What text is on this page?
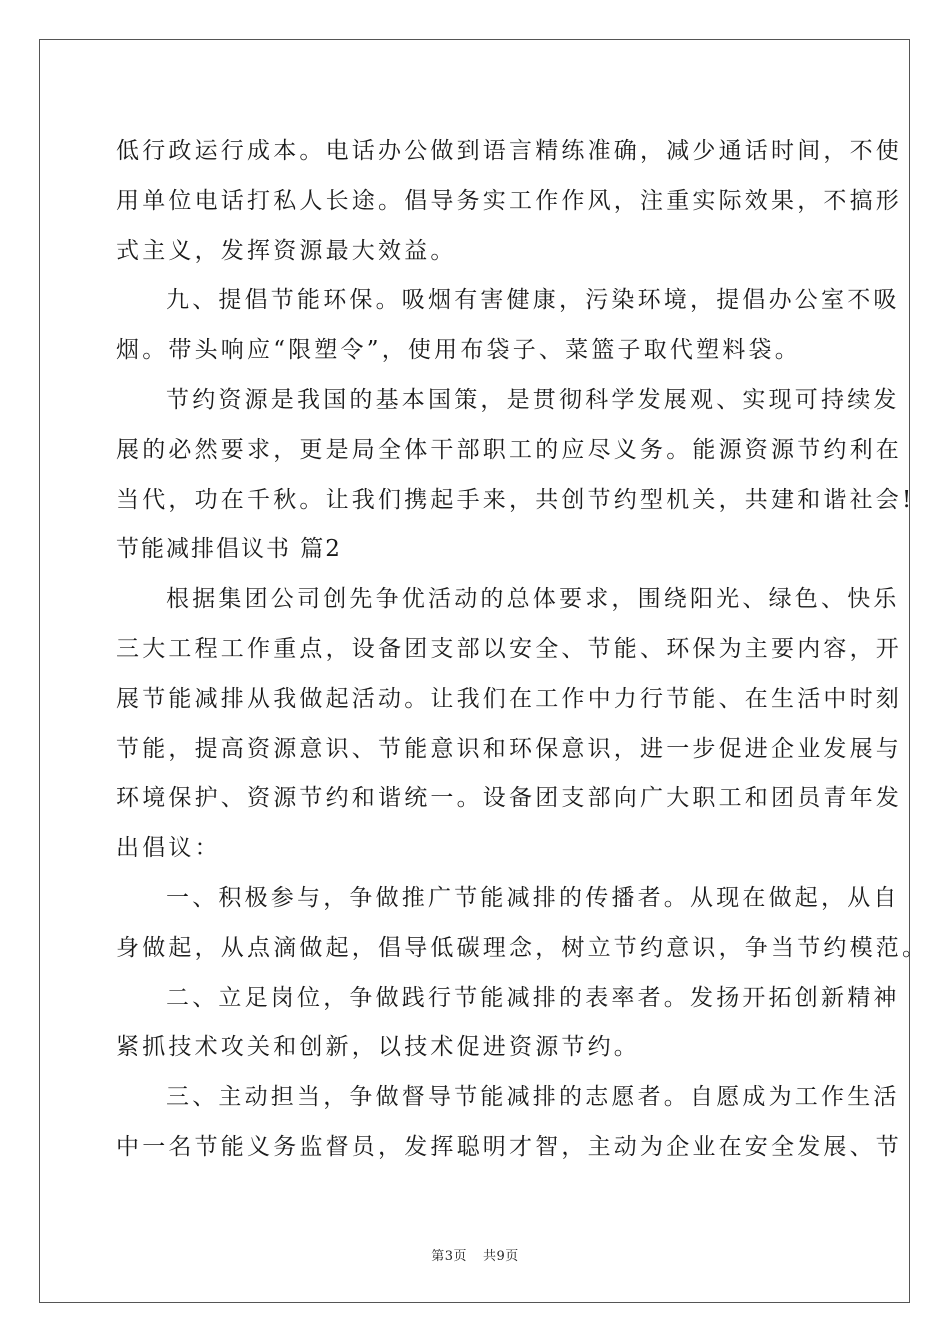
低行政运行成本。电话办公做到语言精练准确，减少通话时间，不使
用单位电话打私人长途。倡导务实工作作风，注重实际效果，不搞形
式主义，发挥资源最大效益。
九、提倡节能环保。吸烟有害健康，污染环境，提倡办公室不吸
烟。带头响应“限塑令”，使用布袋子、菜篮子取代塑料袋。
节约资源是我国的基本国策，是贯彻科学发展观、实现可持续发
展的必然要求，更是局全体干部职工的应尽义务。能源资源节约利在
当代，功在千秋。让我们携起手来，共创节约型机关，共建和谐社会!
节能减排倡议书 篇2
根据集团公司创先争优活动的总体要求，围绕阳光、绿色、快乐
三大工程工作重点，设备团支部以安全、节能、环保为主要内容，开
展节能减排从我做起活动。让我们在工作中力行节能、在生活中时刻
节能，提高资源意识、节能意识和环保意识，进一步促进企业发展与
环境保护、资源节约和谐统一。设备团支部向广大职工和团员青年发
出倡议：
一、积极参与，争做推广节能减排的传播者。从现在做起，从自
身做起，从点滴做起，倡导低碳理念，树立节约意识，争当节约模范。
二、立足岗位，争做践行节能减排的表率者。发扬开拓创新精神
紧抓技术攻关和创新，以技术促进资源节约。
三、主动担当，争做督导节能减排的志愿者。自愿成为工作生活
中一名节能义务监督员，发挥聪明才智，主动为企业在安全发展、节
第3页 共9页
